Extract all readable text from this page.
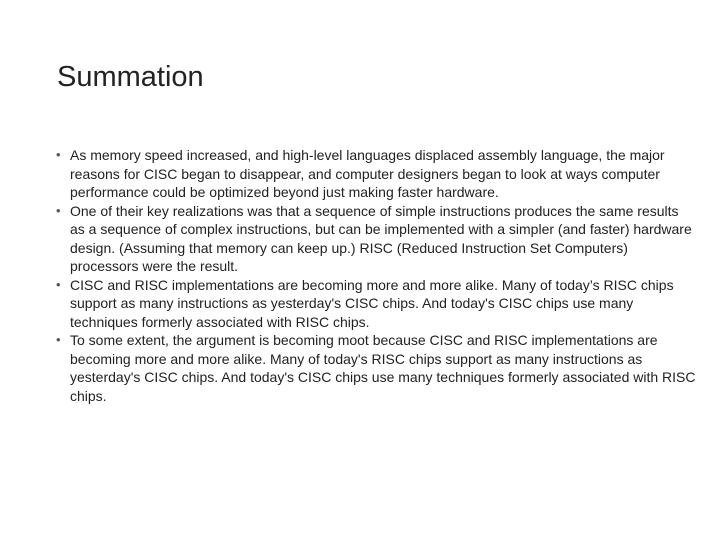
Summation
• As memory speed increased, and high-level languages displaced assembly language, the major reasons for CISC began to disappear, and computer designers began to look at ways computer performance could be optimized beyond just making faster hardware.
• One of their key realizations was that a sequence of simple instructions produces the same results as a sequence of complex instructions, but can be implemented with a simpler (and faster) hardware design. (Assuming that memory can keep up.) RISC (Reduced Instruction Set Computers) processors were the result.
• CISC and RISC implementations are becoming more and more alike. Many of today’s RISC chips support as many instructions as yesterday's CISC chips. And today's CISC chips use many techniques formerly associated with RISC chips.
• To some extent, the argument is becoming moot because CISC and RISC implementations are becoming more and more alike. Many of today's RISC chips support as many instructions as yesterday's CISC chips. And today's CISC chips use many techniques formerly associated with RISC chips.
